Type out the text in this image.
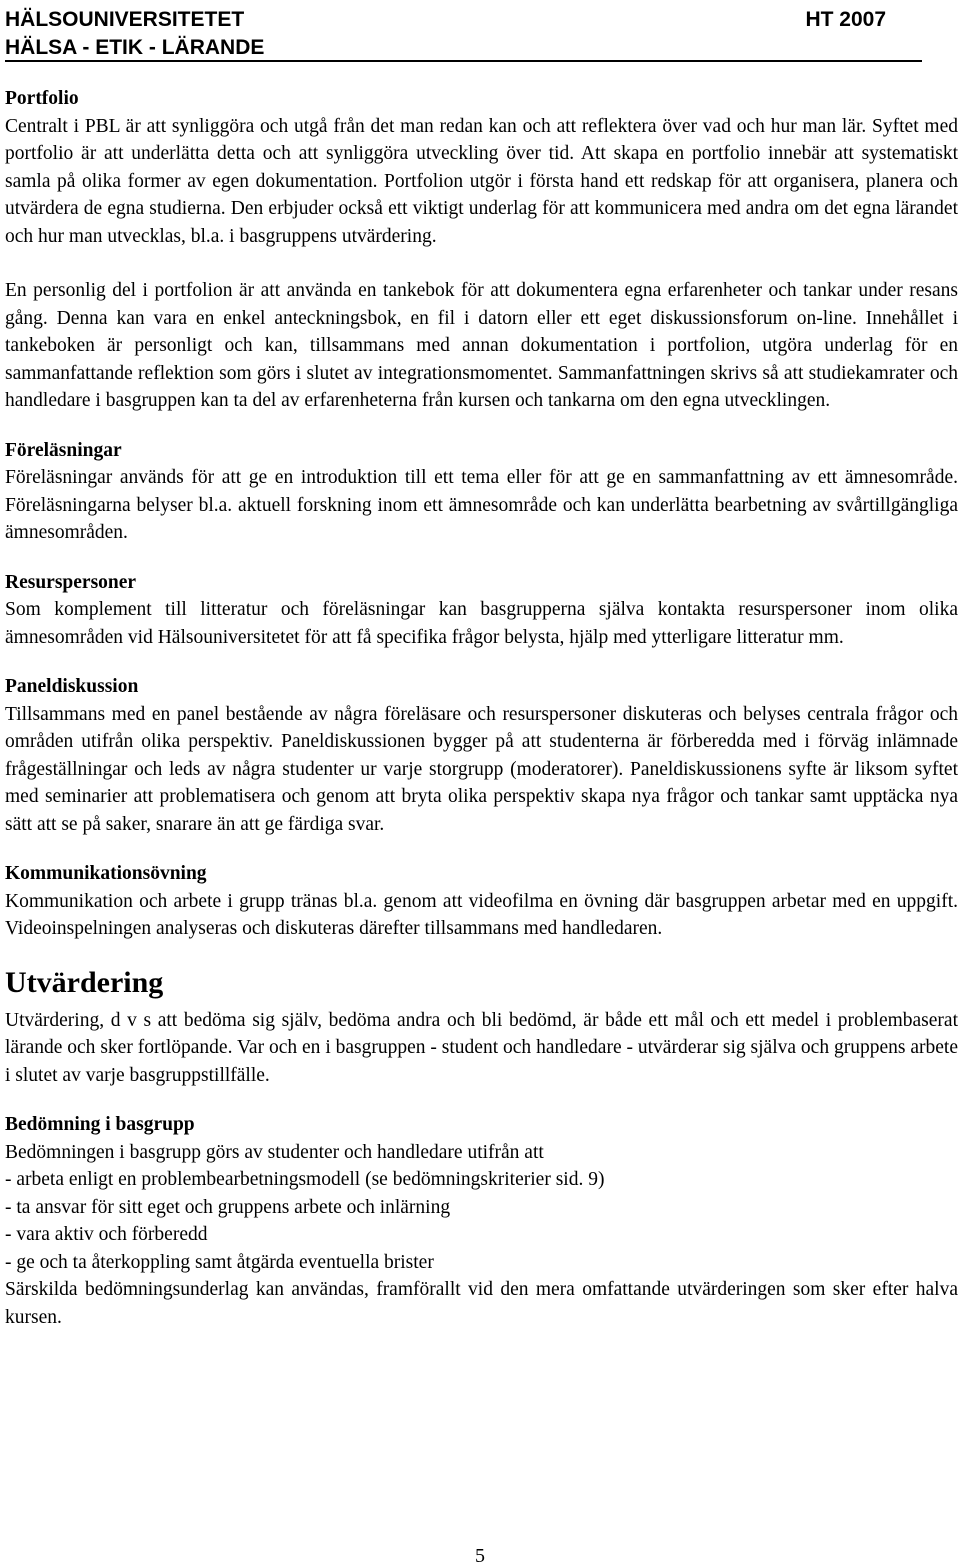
HÄLSOUNIVERSITETET
HÄLSA - ETIK - LÄRANDE
HT 2007
Portfolio

Centralt i PBL är att synliggöra och utgå från det man redan kan och att reflektera över vad och hur man lär. Syftet med portfolio är att underlätta detta och att synliggöra utveckling över tid. Att skapa en portfolio innebär att systematiskt samla på olika former av egen dokumentation. Portfolion utgör i första hand ett redskap för att organisera, planera och utvärdera de egna studierna. Den erbjuder också ett viktigt underlag för att kommunicera med andra om det egna lärandet och hur man utvecklas, bl.a. i basgruppens utvärdering.

En personlig del i portfolion är att använda en tankebok för att dokumentera egna erfarenheter och tankar under resans gång. Denna kan vara en enkel anteckningsbok, en fil i datorn eller ett eget diskussionsforum on-line. Innehållet i tankeboken är personligt och kan, tillsammans med annan dokumentation i portfolion, utgöra underlag för en sammanfattande reflektion som görs i slutet av integrationsmomentet. Sammanfattningen skrivs så att studiekamrater och handledare i basgruppen kan ta del av erfarenheterna från kursen och tankarna om den egna utvecklingen.

Föreläsningar

Föreläsningar används för att ge en introduktion till ett tema eller för att ge en sammanfattning av ett ämnesområde. Föreläsningarna belyser bl.a. aktuell forskning inom ett ämnesområde och kan underlätta bearbetning av svårtillgängliga ämnesområden.

Resurspersoner

Som komplement till litteratur och föreläsningar kan basgrupperna själva kontakta resurspersoner inom olika ämnesområden vid Hälsouniversitetet för att få specifika frågor belysta, hjälp med ytterligare litteratur mm.

Paneldiskussion

Tillsammans med en panel bestående av några föreläsare och resurspersoner diskuteras och belyses centrala frågor och områden utifrån olika perspektiv. Paneldiskussionen bygger på att studenterna är förberedda med i förväg inlämnade frågeställningar och leds av några studenter ur varje storgrupp (moderatorer). Paneldiskussionens syfte är liksom syftet med seminarier att problematisera och genom att bryta olika perspektiv skapa nya frågor och tankar samt upptäcka nya sätt att se på saker, snarare än att ge färdiga svar.

Kommunikationsövning

Kommunikation och arbete i grupp tränas bl.a. genom att videofilma en övning där basgruppen arbetar med en uppgift. Videoinspelningen analyseras och diskuteras därefter tillsammans med handledaren.

Utvärdering

Utvärdering, d v s att bedöma sig själv, bedöma andra och bli bedömd, är både ett mål och ett medel i problembaserat lärande och sker fortlöpande. Var och en i basgruppen - student och handledare - utvärderar sig själva och gruppens arbete i slutet av varje basgruppstillfälle.

Bedömning i basgrupp

Bedömningen i basgrupp görs av studenter och handledare utifrån att

- arbeta enligt en problembearbetningsmodell (se bedömningskriterier sid. 9)

- ta ansvar för sitt eget och gruppens arbete och inlärning

- vara aktiv och förberedd

- ge och ta återkoppling samt åtgärda eventuella brister

Särskilda bedömningsunderlag kan användas, framförallt vid den mera omfattande utvärderingen som sker efter halva kursen.

5
